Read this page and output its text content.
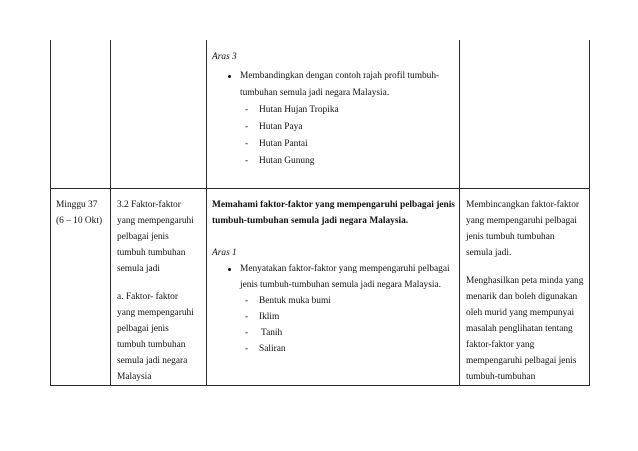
Aras 3
Membandingkan dengan contoh rajah profil tumbuh-
tumbuhan semula jadi negara Malaysia.
- Hutan Hujan Tropika
- Hutan Paya
- Hutan Pantai
- Hutan Gunung
Minggu 37
(6 – 10 Okt)
3.2 Faktor-faktor
yang mempengaruhi
pelbagai jenis
tumbuh tumbuhan
semula jadi
a. Faktor- faktor
yang mempengaruhi
pelbagai jenis
tumbuh tumbuhan
semula jadi negara
Malaysia
Memahami faktor-faktor yang mempengaruhi pelbagai jenis
tumbuh-tumbuhan semula jadi negara Malaysia.
Aras 1
Menyatakan faktor-faktor yang mempengaruhi pelbagai
jenis tumbuh-tumbuhan semula jadi negara Malaysia.
- Bentuk muka bumi
- Iklim
- Tanih
- Saliran
Membincangkan faktor-faktor
yang mempengaruhi pelbagai
jenis tumbuh tumbuhan
semula jadi.
Menghasilkan peta minda yang
menarik dan boleh digunakan
oleh murid yang mempunyai
masalah penglihatan tentang
faktor-faktor yang
mempengaruhi pelbagai jenis
tumbuh-tumbuhan
